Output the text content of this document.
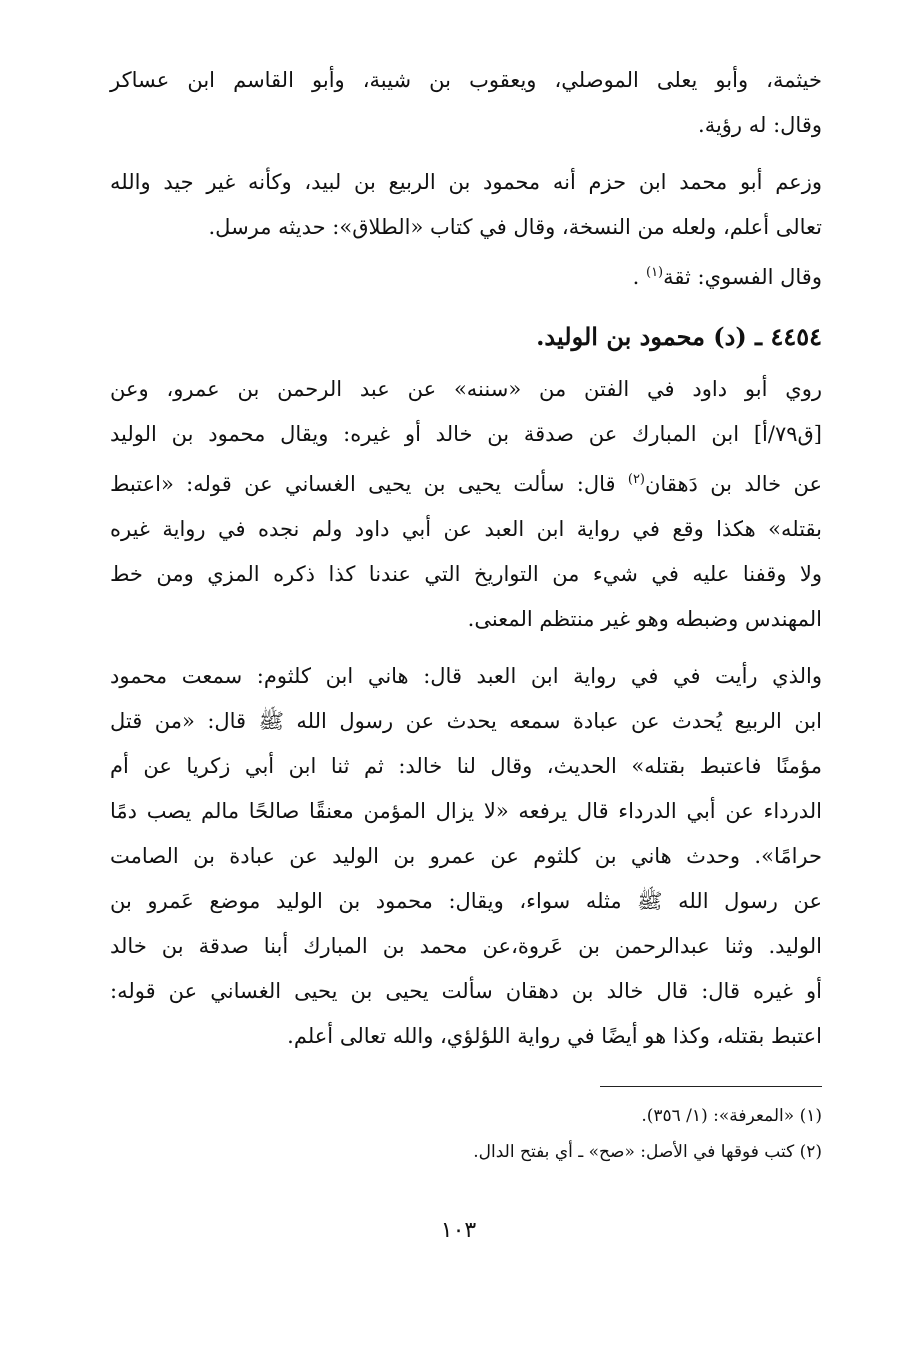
خيثمة، وأبو يعلى الموصلي، ويعقوب بن شيبة، وأبو القاسم ابن عساكر
وقال: له رؤية.
وزعم أبو محمد ابن حزم أنه محمود بن الربيع بن لبيد، وكأنه غير جيد والله
تعالى أعلم، ولعله من النسخة، وقال في كتاب «الطلاق»: حديثه مرسل.
وقال الفسوي: ثقة$^{(١)}$ .
٤٤٥٤ ـ (د) محمود بن الوليد.
روي أبو داود في الفتن من «سننه» عن عبد الرحمن بن عمرو، وعن
[ق٧٩/أ] ابن المبارك عن صدقة بن خالد أو غيره: ويقال محمود بن الوليد
عن خالد بن دَهقان$^{(٢)}$ قال: سألت يحيى بن يحيى الغساني عن قوله: «اعتبط
بقتله» هكذا وقع في رواية ابن العبد عن أبي داود ولم نجده في رواية غيره
ولا وقفنا عليه في شيء من التواريخ التي عندنا كذا ذكره المزي ومن خط
المهندس وضبطه وهو غير منتظم المعنى.
والذي رأيت في في رواية ابن العبد قال: هاني ابن كلثوم: سمعت محمود
ابن الربيع يُحدث عن عبادة سمعه يحدث عن رسول الله ﷺ قال: «من قتل
مؤمنًا فاعتبط بقتله» الحديث، وقال لنا خالد: ثم ثنا ابن أبي زكريا عن أم
الدرداء عن أبي الدرداء قال يرفعه «لا يزال المؤمن معنقًا صالحًا مالم يصب دمًا
حرامًا». وحدث هاني بن كلثوم عن عمرو بن الوليد عن عبادة بن الصامت
عن رسول الله ﷺ مثله سواء، ويقال: محمود بن الوليد موضع عَمرو بن
الوليد. وثنا عبدالرحمن بن عَروة،عن محمد بن المبارك أبنا صدقة بن خالد
أو غيره قال: قال خالد بن دهقان سألت يحيى بن يحيى الغساني عن قوله:
اعتبط بقتله، وكذا هو أيضًا في رواية اللؤلؤي، والله تعالى أعلم.

(١) «المعرفة»: (١/ ٣٥٦).

(٢) كتب فوقها في الأصل: «صح» ـ أي بفتح الدال.

١٠٣
